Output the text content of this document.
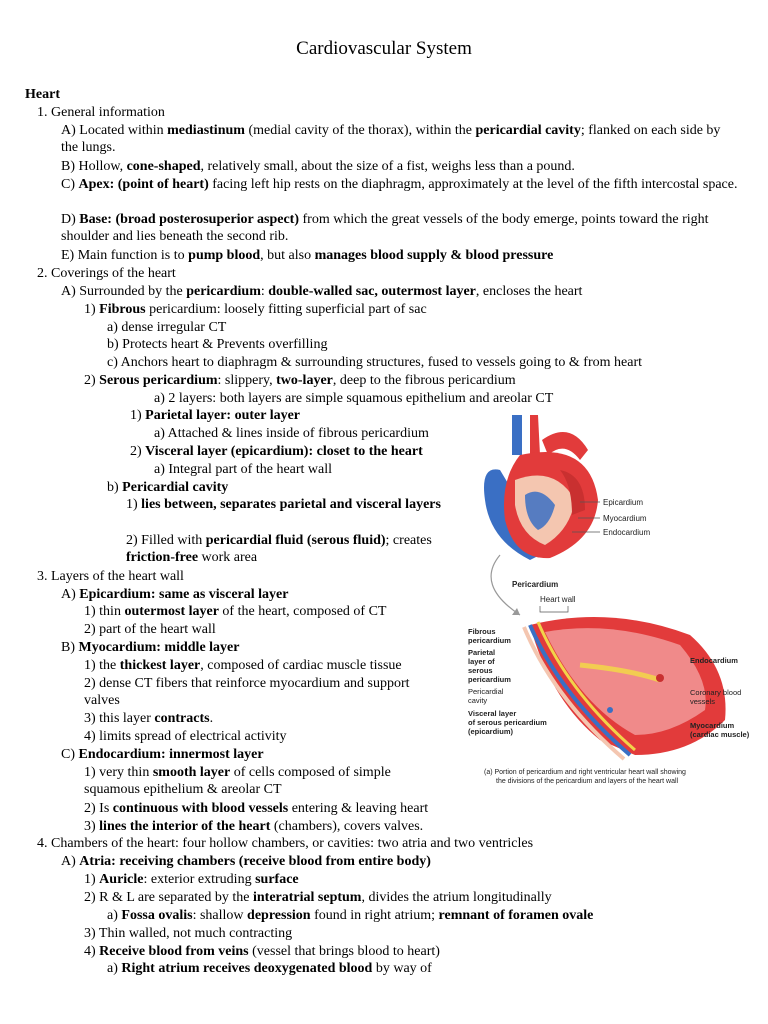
Cardiovascular System
Heart
1. General information
A) Located within mediastinum (medial cavity of the thorax), within the pericardial cavity; flanked on each side by the lungs.
B) Hollow, cone-shaped, relatively small, about the size of a fist, weighs less than a pound.
C) Apex: (point of heart) facing left hip rests on the diaphragm, approximately at the level of the fifth intercostal space.
D) Base: (broad posterosuperior aspect) from which the great vessels of the body emerge, points toward the right shoulder and lies beneath the second rib.
E) Main function is to pump blood, but also manages blood supply & blood pressure
2. Coverings of the heart
A) Surrounded by the pericardium: double-walled sac, outermost layer, encloses the heart
1) Fibrous pericardium: loosely fitting superficial part of sac
a) dense irregular CT
b) Protects heart & Prevents overfilling
c) Anchors heart to diaphragm & surrounding structures, fused to vessels going to & from heart
2) Serous pericardium: slippery, two-layer, deep to the fibrous pericardium
a) 2 layers: both layers are simple squamous epithelium and areolar CT
1) Parietal layer: outer layer
a) Attached & lines inside of fibrous pericardium
2) Visceral layer (epicardium): closet to the heart
a) Integral part of the heart wall
b) Pericardial cavity
1) lies between, separates parietal and visceral layers
2) Filled with pericardial fluid (serous fluid); creates friction-free work area
3. Layers of the heart wall
A) Epicardium: same as visceral layer
1) thin outermost layer of the heart, composed of CT
2) part of the heart wall
B) Myocardium: middle layer
1) the thickest layer, composed of cardiac muscle tissue
2) dense CT fibers that reinforce myocardium and support valves
3) this layer contracts.
4) limits spread of electrical activity
C) Endocardium: innermost layer
1) very thin smooth layer of cells composed of simple squamous epithelium & areolar CT
2) Is continuous with blood vessels entering & leaving heart
3) lines the interior of the heart (chambers), covers valves.
4. Chambers of the heart: four hollow chambers, or cavities: two atria and two ventricles
A) Atria: receiving chambers (receive blood from entire body)
1) Auricle: exterior extruding surface
2) R & L are separated by the interatrial septum, divides the atrium longitudinally
a) Fossa ovalis: shallow depression found in right atrium; remnant of foramen ovale
3) Thin walled, not much contracting
4) Receive blood from veins (vessel that brings blood to heart)
a) Right atrium receives deoxygenated blood by way of
Epicardium
Myocardium
Endocardium
Pericardium
Heart wall
Fibrous pericardium
Parietal layer of serous pericardium
Pericardial cavity
Visceral layer of serous pericardium (epicardium)
Endocardium
Coronary blood vessels
Myocardium (cardiac muscle)
(a) Portion of pericardium and right ventricular heart wall showing the divisions of the pericardium and layers of the heart wall
